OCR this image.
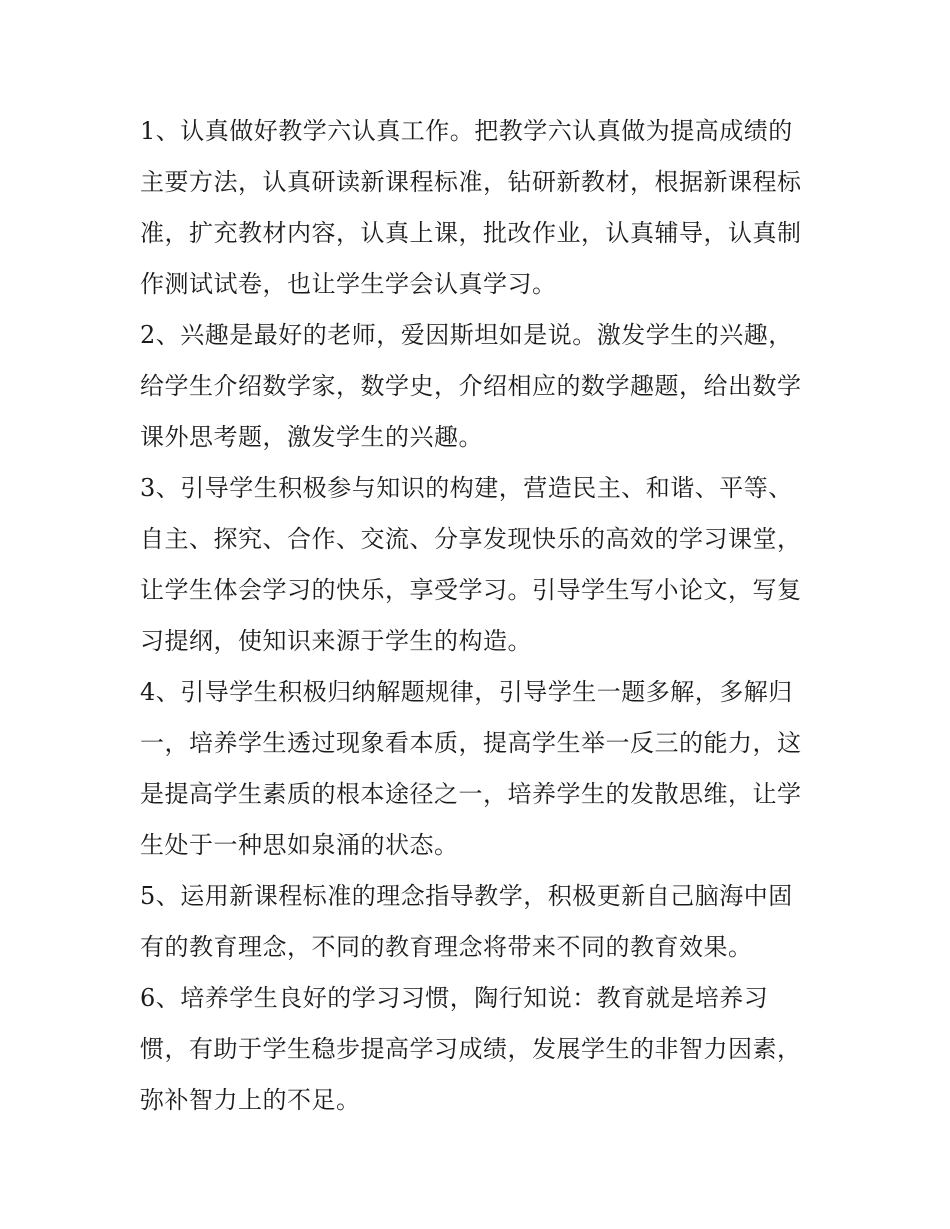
1、认真做好教学六认真工作。把教学六认真做为提高成绩的
主要方法，认真研读新课程标准，钻研新教材，根据新课程标
准，扩充教材内容，认真上课，批改作业，认真辅导，认真制
作测试试卷，也让学生学会认真学习。

2、兴趣是最好的老师，爱因斯坦如是说。激发学生的兴趣，
给学生介绍数学家，数学史，介绍相应的数学趣题，给出数学
课外思考题，激发学生的兴趣。

3、引导学生积极参与知识的构建，营造民主、和谐、平等、
自主、探究、合作、交流、分享发现快乐的高效的学习课堂，
让学生体会学习的快乐，享受学习。引导学生写小论文，写复
习提纲，使知识来源于学生的构造。

4、引导学生积极归纳解题规律，引导学生一题多解，多解归
一，培养学生透过现象看本质，提高学生举一反三的能力，这
是提高学生素质的根本途径之一，培养学生的发散思维，让学
生处于一种思如泉涌的状态。

5、运用新课程标准的理念指导教学，积极更新自己脑海中固
有的教育理念，不同的教育理念将带来不同的教育效果。

6、培养学生良好的学习习惯，陶行知说：教育就是培养习
惯，有助于学生稳步提高学习成绩，发展学生的非智力因素，
弥补智力上的不足。
